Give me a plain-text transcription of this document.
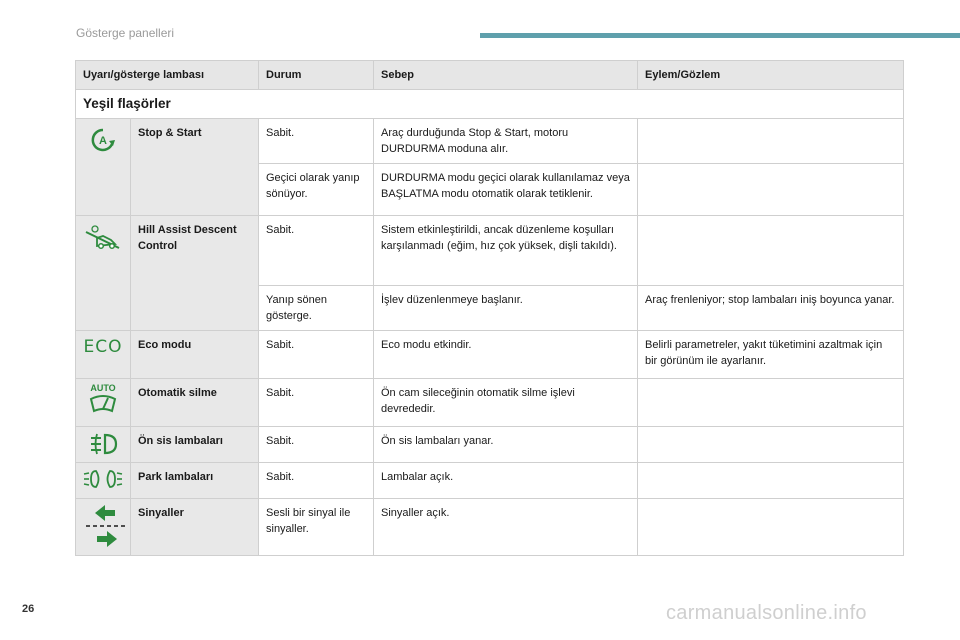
Gösterge panelleri
Uyarı/gösterge lambası		Durum	Sebep	Eylem/Gözlem
Yeşil flaşörler				

A	Stop & Start	Sabit.	Araç durduğunda Stop & Start, motoru DURDURMA moduna alır.	
		Geçici olarak yanıp sönüyor.	DURDURMA modu geçici olarak kullanılamaz veya BAŞLATMA modu otomatik olarak tetiklenir.	

	Hill Assist Descent Control	Sabit.	Sistem etkinleştirildi, ancak düzenleme koşulları karşılanmadı (eğim, hız çok yüksek, dişli takıldı).	
		Yanıp sönen gösterge.	İşlev düzenlenmeye başlanır.	Araç frenleniyor; stop lambaları iniş boyunca yanar.
ECO	Eco modu	Sabit.	Eco modu etkindir.	Belirli parametreler, yakıt tüketimini azaltmak için bir görünüm ile ayarlanır.

AUTO	Otomatik silme	Sabit.	Ön cam sileceğinin otomatik silme işlevi devrededir.	

	Ön sis lambaları	Sabit.	Ön sis lambaları yanar.	

	Park lambaları	Sabit.	Lambalar açık.	

	Sinyaller	Sesli bir sinyal ile sinyaller.	Sinyaller açık.	
26	carmanualsonline.info
